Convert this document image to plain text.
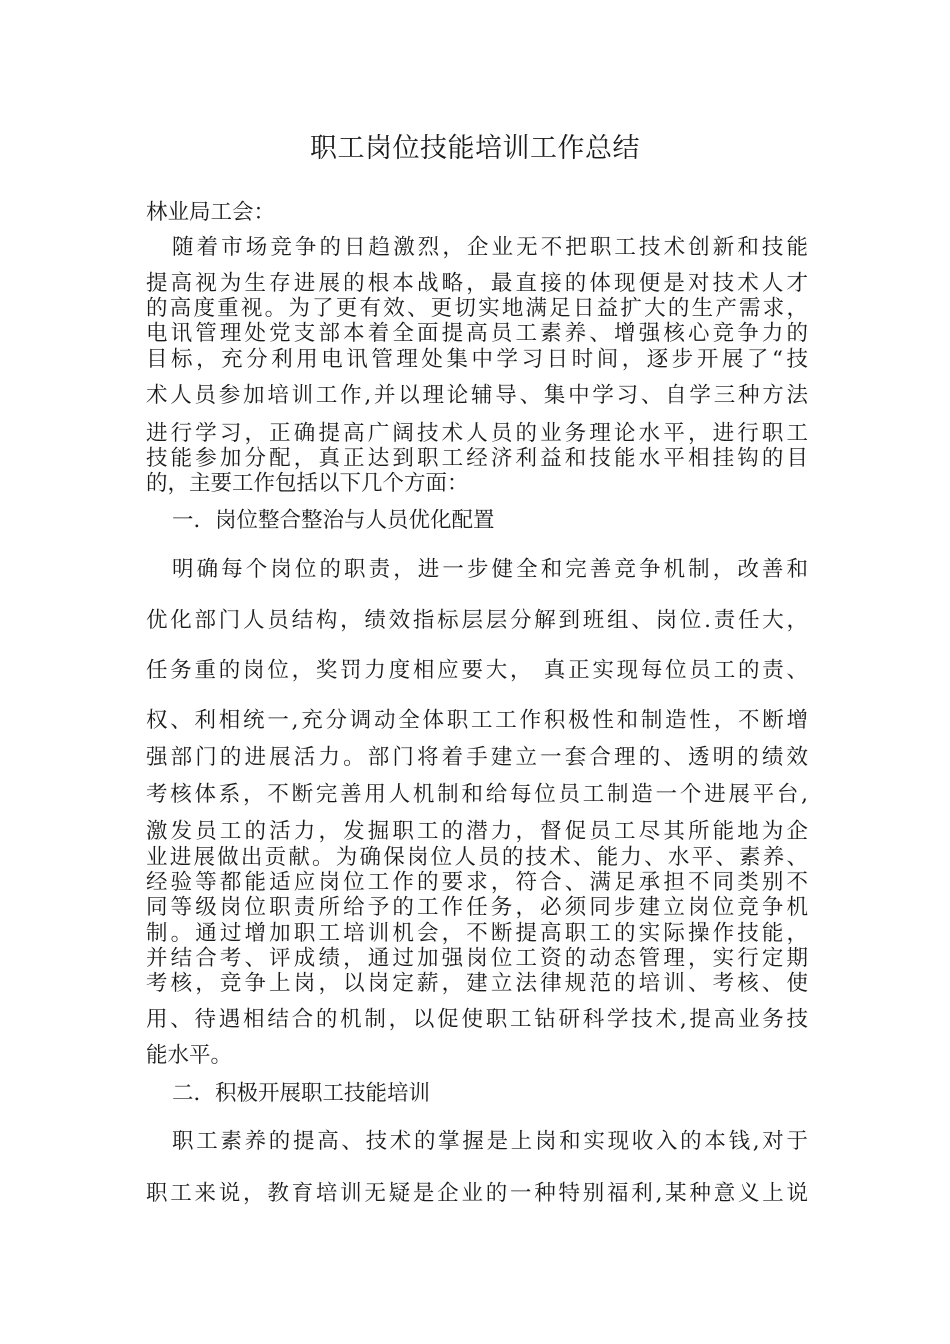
职工岗位技能培训工作总结
林业局工会：
随着市场竞争的日趋激烈，企业无不把职工技术创新和技能
提高视为生存进展的根本战略，最直接的体现便是对技术人才
的高度重视。为了更有效、更切实地满足日益扩大的生产需求，
电讯管理处党支部本着全面提高员工素养、增强核心竞争力的
目标，充分利用电讯管理处集中学习日时间，逐步开展了“技
术人员参加培训工作,并以理论辅导、集中学习、自学三种方法
进行学习，正确提高广阔技术人员的业务理论水平，进行职工
技能参加分配，真正达到职工经济利益和技能水平相挂钩的目
的，主要工作包括以下几个方面：
一．岗位整合整治与人员优化配置
明确每个岗位的职责，进一步健全和完善竞争机制，改善和
优化部门人员结构，绩效指标层层分解到班组、岗位.责任大，
任务重的岗位，奖罚力度相应要大， 真正实现每位员工的责、
权、利相统一,充分调动全体职工工作积极性和制造性，不断增
强部门的进展活力。部门将着手建立一套合理的、透明的绩效
考核体系，不断完善用人机制和给每位员工制造一个进展平台,
激发员工的活力，发掘职工的潜力，督促员工尽其所能地为企
业进展做出贡献。为确保岗位人员的技术、能力、水平、素养、
经验等都能适应岗位工作的要求，符合、满足承担不同类别不
同等级岗位职责所给予的工作任务，必须同步建立岗位竞争机
制。通过增加职工培训机会，不断提高职工的实际操作技能，
并结合考、评成绩，通过加强岗位工资的动态管理，实行定期
考核，竞争上岗，以岗定薪，建立法律规范的培训、考核、使
用、待遇相结合的机制，以促使职工钻研科学技术,提高业务技
能水平。
二．积极开展职工技能培训
职工素养的提高、技术的掌握是上岗和实现收入的本钱,对于
职工来说，教育培训无疑是企业的一种特别福利,某种意义上说
